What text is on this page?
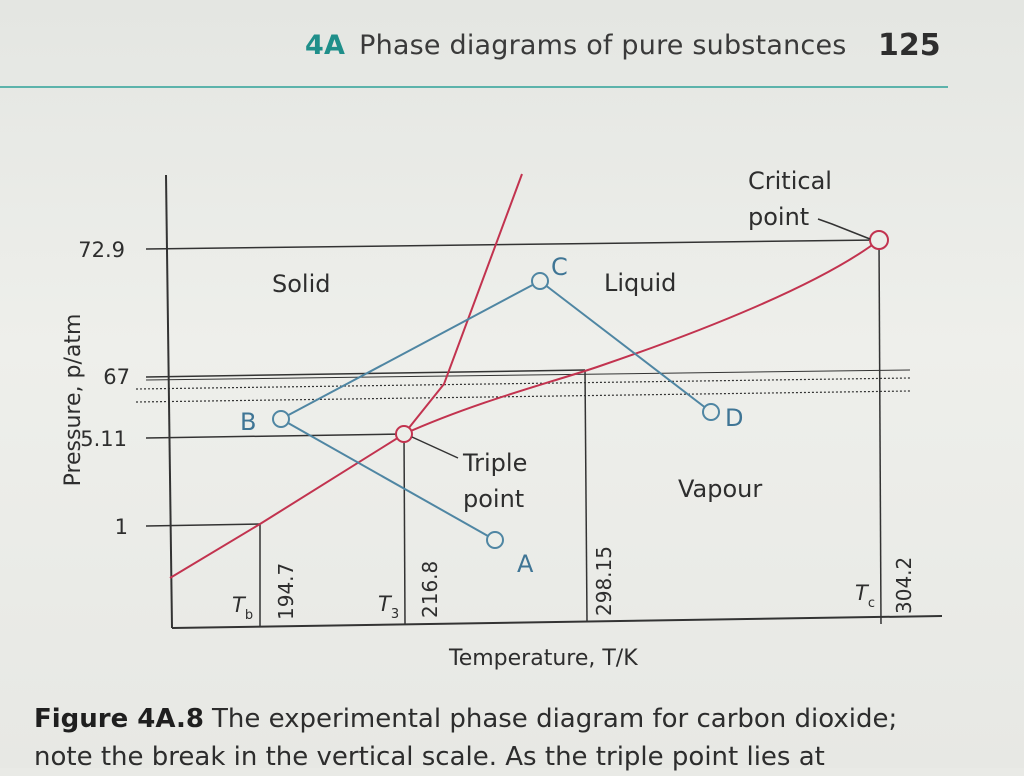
4A Phase diagrams of pure substances 125
72.9
67
5.11
1
Pressure, p/atm
194.7	216.8	298.15	304.2
$T_b$	$T_3$
$T_c$
Solid	Liquid
Vapour
Triple
point
Critical
point
A
B
C
D
Temperature, T/K
Figure 4A.8 The experimental phase diagram for carbon dioxide;
note the break in the vertical scale. As the triple point lies at
